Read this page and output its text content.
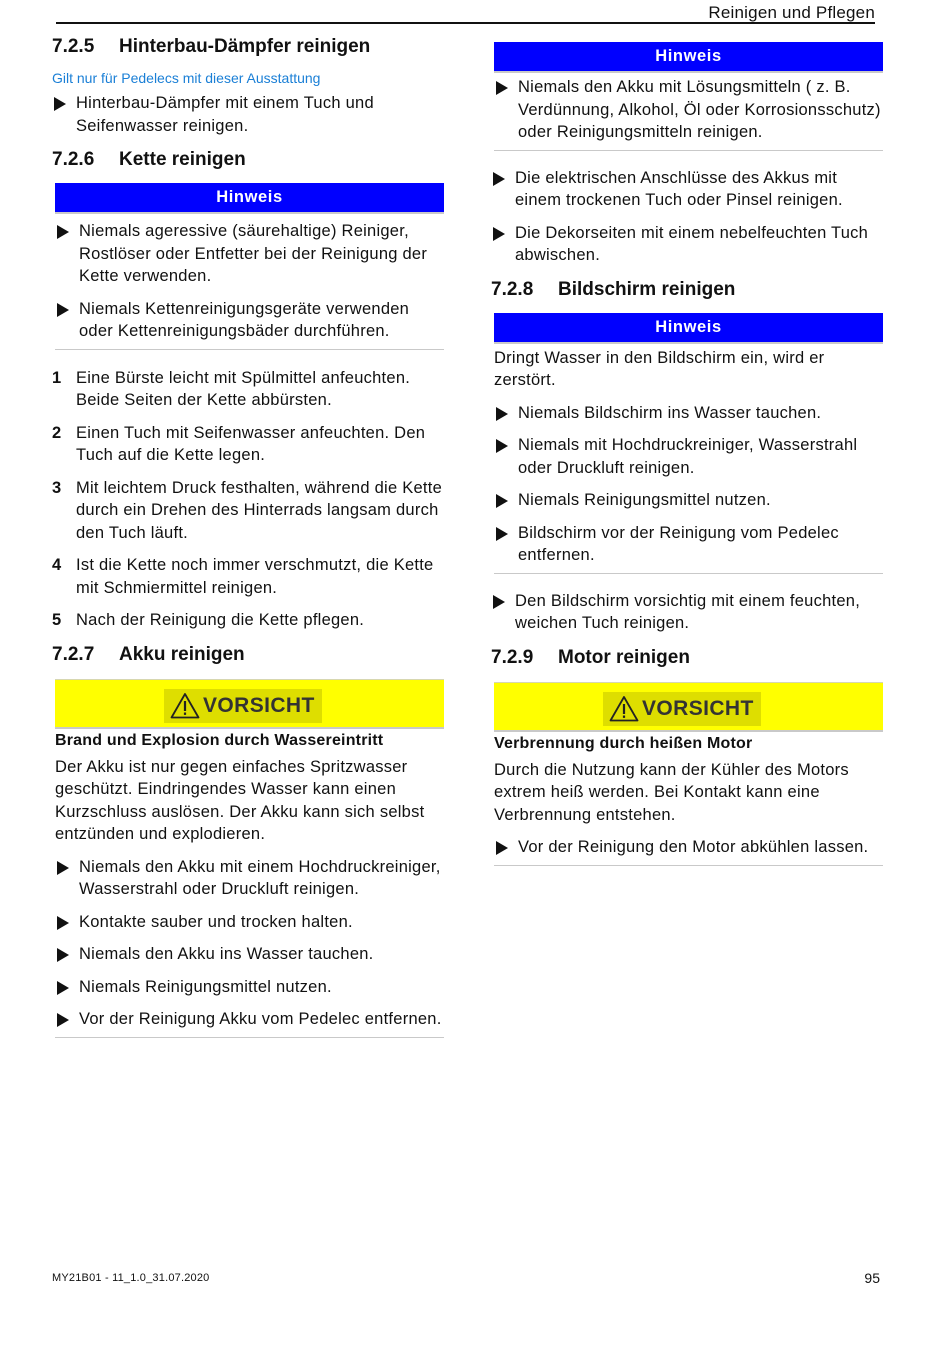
Reinigen und Pflegen
7.2.5	Hinterbau-Dämpfer reinigen
Gilt nur für Pedelecs mit dieser Ausstattung
Hinterbau-Dämpfer mit einem Tuch und Seifenwasser reinigen.
7.2.6	Kette reinigen
Hinweis
Niemals ageressive (säurehaltige) Reiniger, Rostlöser oder Entfetter bei der Reinigung der Kette verwenden.
Niemals Kettenreinigungsgeräte verwenden oder Kettenreinigungsbäder durchführen.
1 Eine Bürste leicht mit Spülmittel anfeuchten. Beide Seiten der Kette abbürsten.
2 Einen Tuch mit Seifenwasser anfeuchten. Den Tuch auf die Kette legen.
3 Mit leichtem Druck festhalten, während die Kette durch ein Drehen des Hinterrads langsam durch den Tuch läuft.
4 Ist die Kette noch immer verschmutzt, die Kette mit Schmiermittel reinigen.
5 Nach der Reinigung die Kette pflegen.
7.2.7	Akku reinigen
VORSICHT
Brand und Explosion durch Wassereintritt
Der Akku ist nur gegen einfaches Spritzwasser geschützt. Eindringendes Wasser kann einen Kurzschluss auslösen. Der Akku kann sich selbst entzünden und explodieren.
Niemals den Akku mit einem Hochdruckreiniger, Wasserstrahl oder Druckluft reinigen.
Kontakte sauber und trocken halten.
Niemals den Akku ins Wasser tauchen.
Niemals Reinigungsmittel nutzen.
Vor der Reinigung Akku vom Pedelec entfernen.
Hinweis
Niemals den Akku mit Lösungsmitteln ( z. B. Verdünnung, Alkohol, Öl oder Korrosionsschutz) oder Reinigungsmitteln reinigen.
Die elektrischen Anschlüsse des Akkus mit einem trockenen Tuch oder Pinsel reinigen.
Die Dekorseiten mit einem nebelfeuchten Tuch abwischen.
7.2.8	Bildschirm reinigen
Hinweis
Dringt Wasser in den Bildschirm ein, wird er zerstört.
Niemals Bildschirm ins Wasser tauchen.
Niemals mit Hochdruckreiniger, Wasserstrahl oder Druckluft reinigen.
Niemals Reinigungsmittel nutzen.
Bildschirm vor der Reinigung vom Pedelec entfernen.
Den Bildschirm vorsichtig mit einem feuchten, weichen Tuch reinigen.
7.2.9	Motor reinigen
VORSICHT
Verbrennung durch heißen Motor
Durch die Nutzung kann der Kühler des Motors extrem heiß werden. Bei Kontakt kann eine Verbrennung entstehen.
Vor der Reinigung den Motor abkühlen lassen.
MY21B01 - 11_1.0_31.07.2020	95
